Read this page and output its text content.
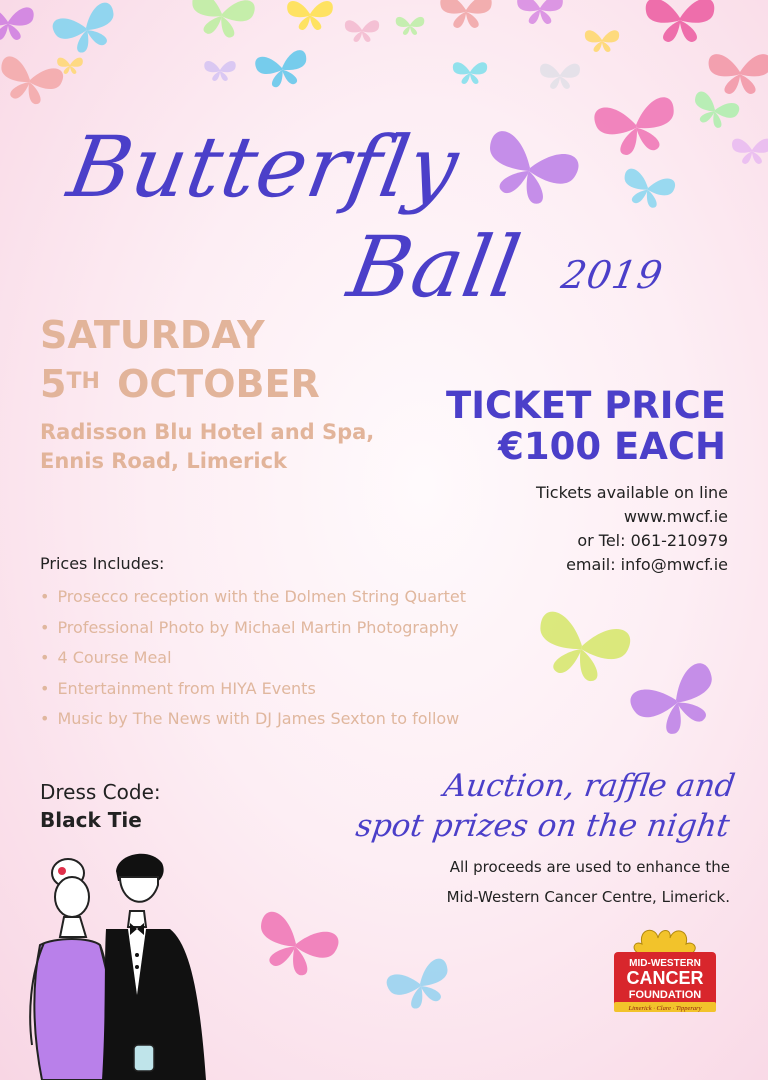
Butterfly
Ball 2019
SATURDAY
5TH OCTOBER
Radisson Blu Hotel and Spa,
Ennis Road, Limerick
TICKET PRICE
€100 EACH
Tickets available on line
www.mwcf.ie
or Tel: 061-210979
email: info@mwcf.ie
Prices Includes:
• Prosecco reception with the Dolmen String Quartet
• Professional Photo by Michael Martin Photography
• 4 Course Meal
• Entertainment from HIYA Events
• Music by The News with DJ James Sexton to follow
Dress Code:
Black Tie
Auction, raffle and
spot prizes on the night
All proceeds are used to enhance the
Mid-Western Cancer Centre, Limerick.
MID-WESTERN
CANCER
FOUNDATION
Limerick · Clare · Tipperary
